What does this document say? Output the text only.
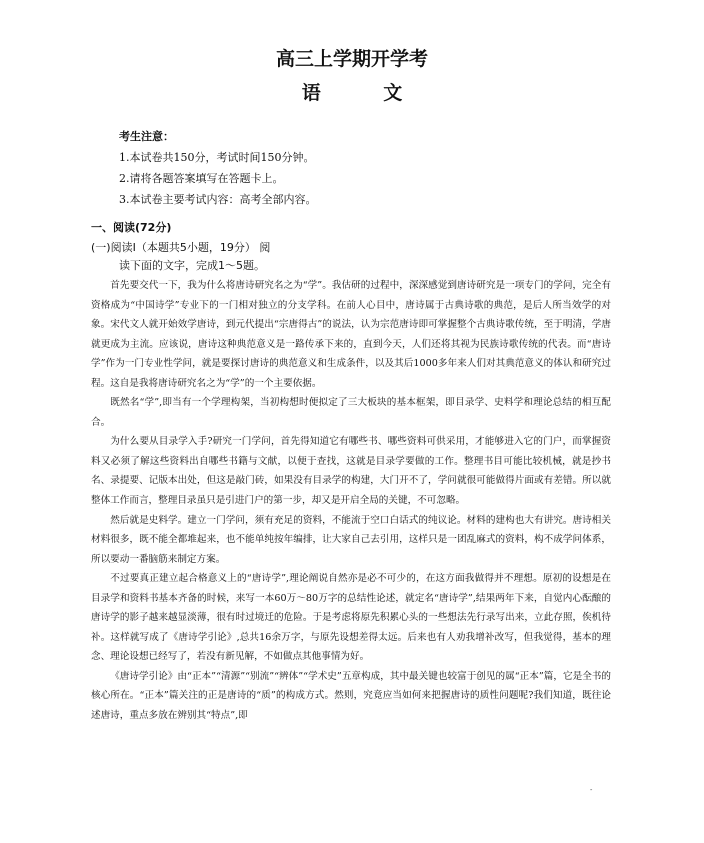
高三上学期开学考
语 文
考生注意：
1.本试卷共150分，考试时间150分钟。
2.请将各题答案填写在答题卡上。
3.本试卷主要考试内容：高考全部内容。
一、阅读(72分)
(一)阅读I（本题共5小题，19分） 阅
读下面的文字，完成1～5题。

首先要交代一下，我为什么将唐诗研究名之为“学”。我估研的过程中，深深感觉到唐诗研究是一项专门的学问，完全有资格成为“中国诗学”专业下的一门相对独立的分支学科。在前人心目中，唐诗属于古典诗歌的典范，是后人所当效学的对象。宋代文人就开始效学唐诗，到元代提出“宗唐得古”的说法，认为宗范唐诗即可掌握整个古典诗歌传统，至于明清，学唐就更成为主流。应该说，唐诗这种典范意义是一路传承下来的，直到今天，人们还将其视为民族诗歌传统的代表。而“唐诗学”作为一门专业性学问，就是要探讨唐诗的典范意义和生成条件，以及其后1000多年来人们对其典范意义的体认和研究过程。这自是我将唐诗研究名之为“学”的一个主要依据。

既然名“学”,即当有一个学理构架，当初构想时便拟定了三大板块的基本框架，即目录学、史料学和理论总结的相互配合。

为什么要从目录学入手?研究一门学问，首先得知道它有哪些书、哪些资料可供采用，才能够进入它的门户，而掌握资料又必须了解这些资料出自哪些书籍与文献，以便于查找，这就是目录学要做的工作。整理书目可能比较机械，就是抄书名、录提要、记版本出处，但这是敲门砖，如果没有目录学的构建，大门开不了，学问就很可能做得片面或有差错。所以就整体工作而言，整理目录虽只是引进门户的第一步，却又是开启全局的关键，不可忽略。

然后就是史料学。建立一门学问，须有充足的资料，不能流于空口白话式的纯议论。材料的建构也大有讲究。唐诗相关材料很多，既不能全都堆起来，也不能单纯按年编排，让大家自己去引用，这样只是一团乱麻式的资料，构不成学问体系，所以要动一番脑筋来制定方案。

不过要真正建立起合格意义上的“唐诗学”,理论阐说自然亦是必不可少的，在这方面我做得并不理想。原初的设想是在目录学和资料书基本齐备的时候，来写一本60万～80万字的总结性论述，就定名“唐诗学”,结果两年下来，自觉内心酝酿的唐诗学的影子越来越显淡薄，很有时过境迁的危险。于是考虑将原先积累心头的一些想法先行录写出来，立此存照，俟机待补。这样就写成了《唐诗学引论》,总共16余万字，与原先设想差得太远。后来也有人劝我增补改写，但我觉得，基本的理念、理论设想已经写了，若没有新见解，不如做点其他事情为好。

《唐诗学引论》由“正本”“清源”“别流”“辨体”“学术史”五章构成，其中最关键也较富于创见的属“正本”篇，它是全书的核心所在。“正本”篇关注的正是唐诗的“质”的构成方式。然则，究竟应当如何来把握唐诗的质性问题呢?我们知道，既往论述唐诗，重点多放在辨别其“特点”,即

-
